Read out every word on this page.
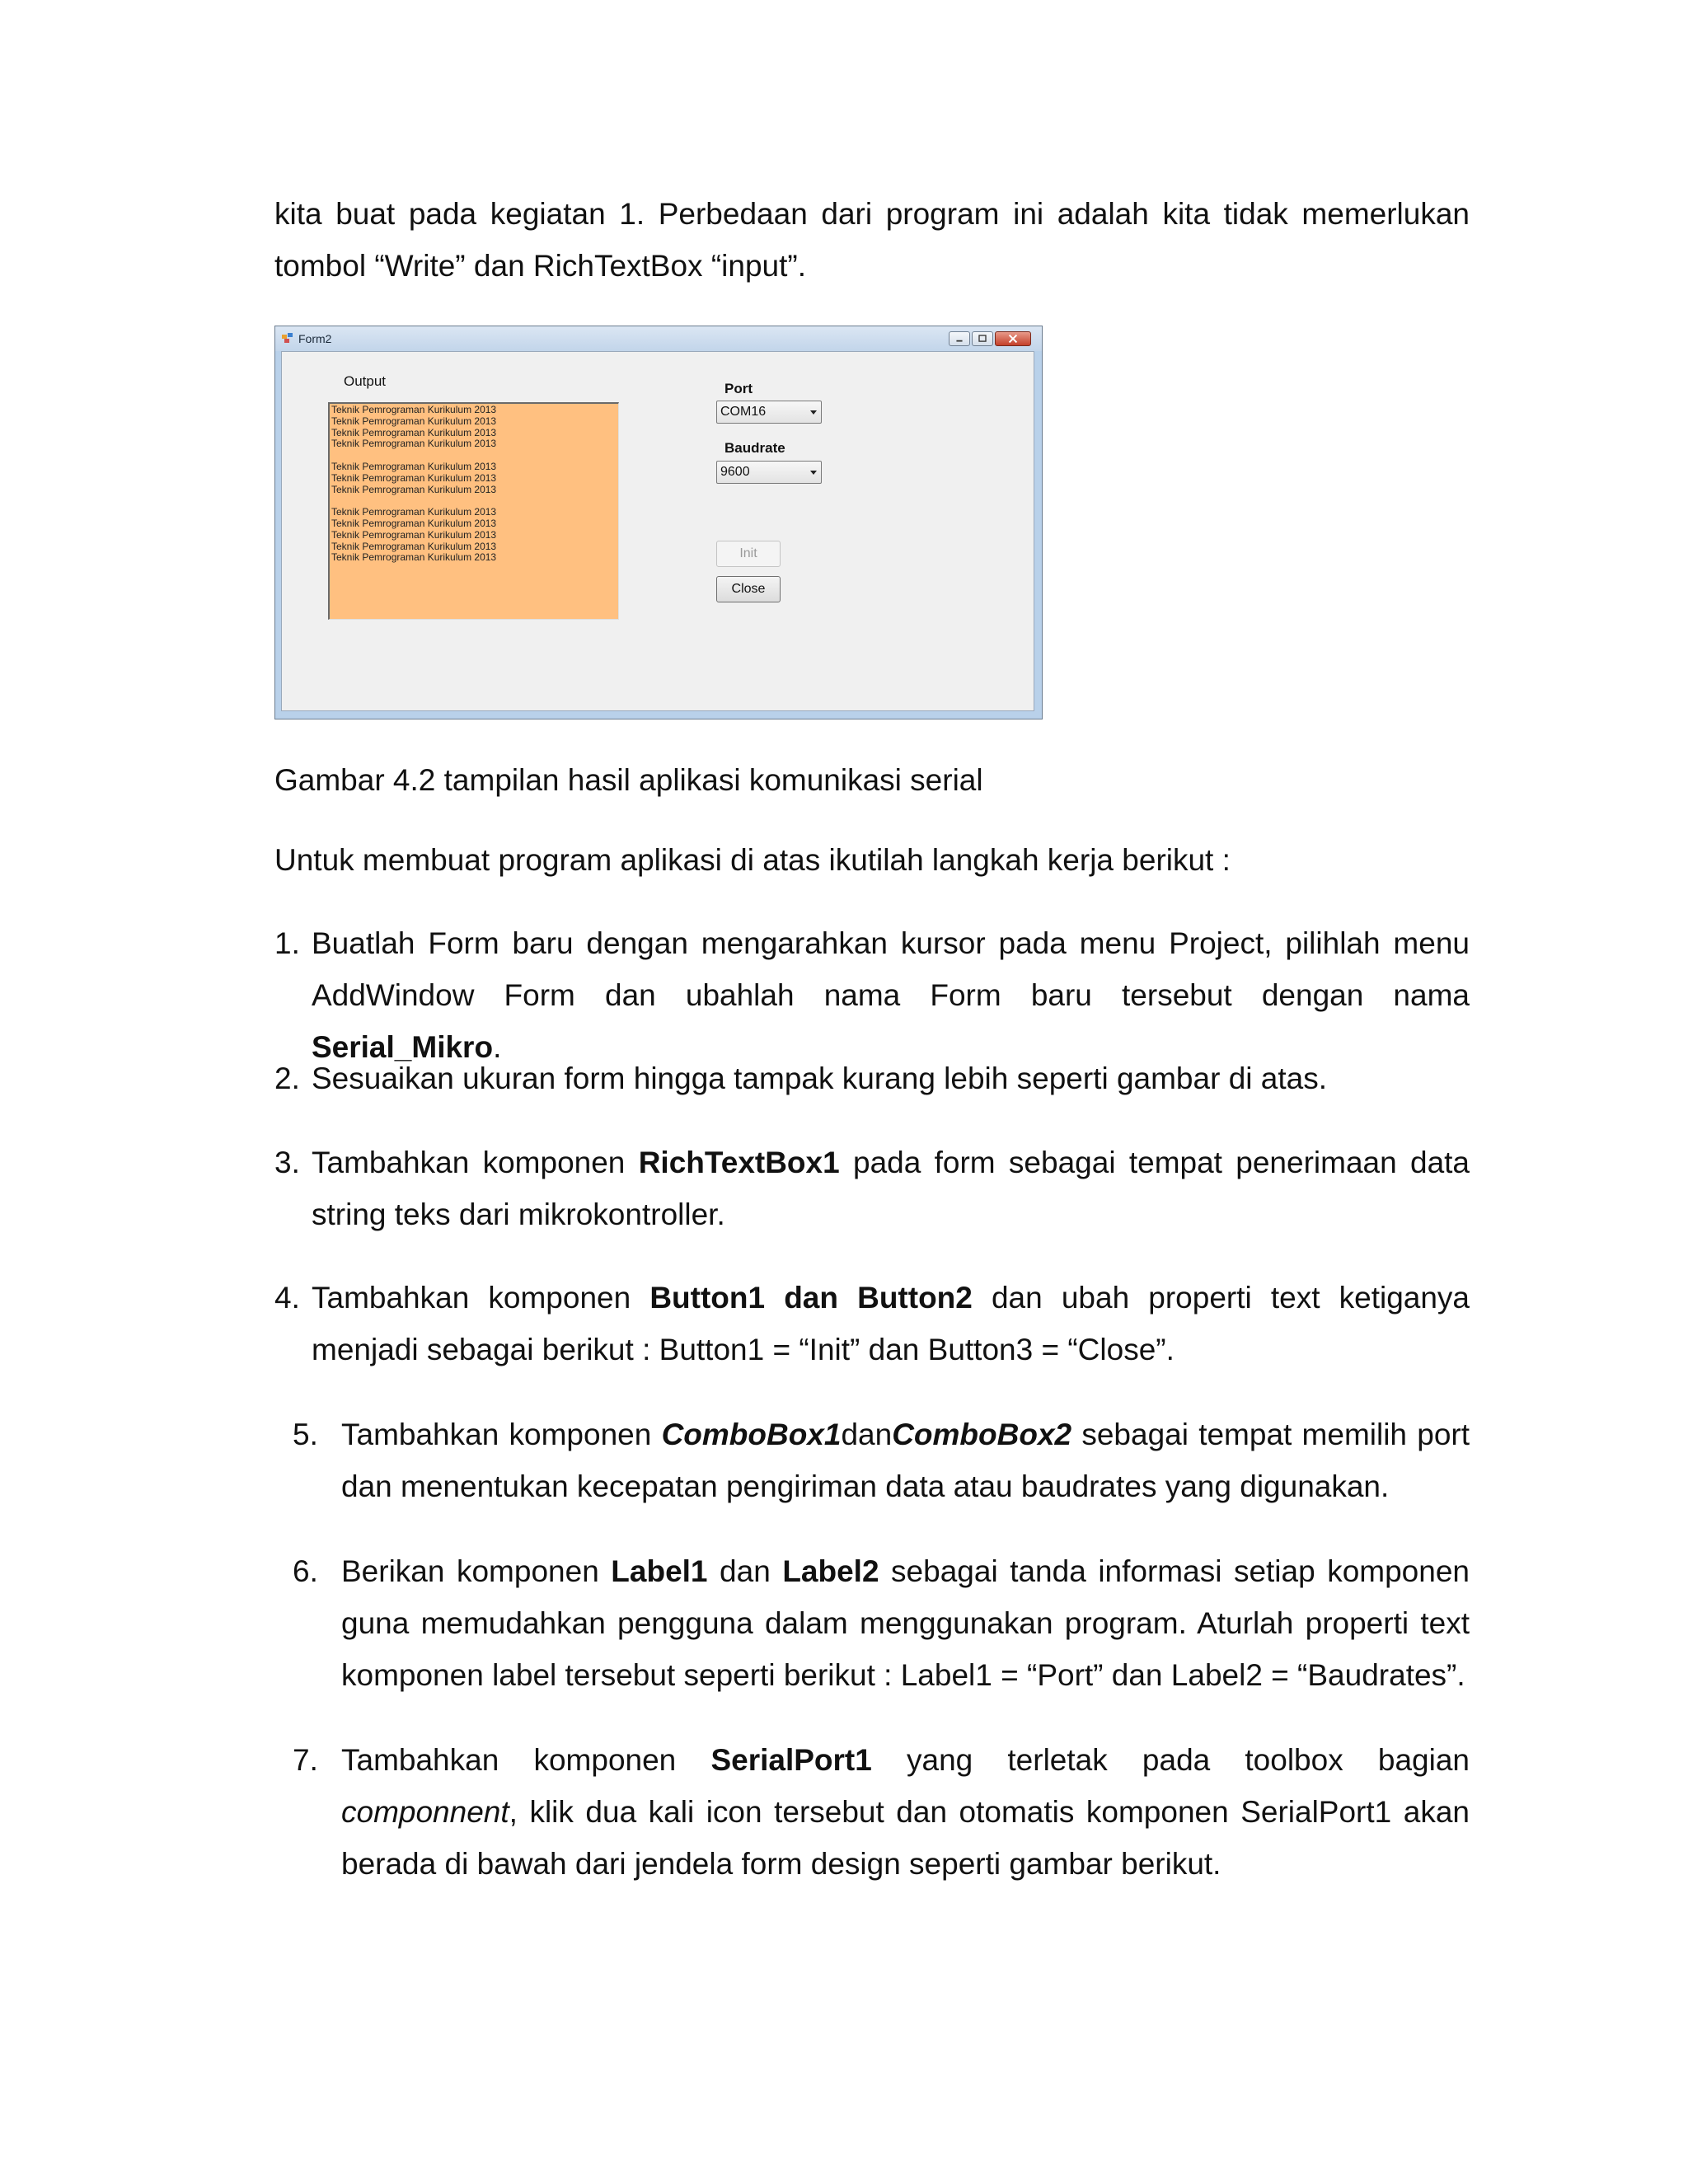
kita buat pada kegiatan 1. Perbedaan dari program ini adalah kita tidak memerlukan

tombol “Write” dan RichTextBox “input”.

Form2
Output
Teknik Pemrograman Kurikulum 2013
Teknik Pemrograman Kurikulum 2013
Teknik Pemrograman Kurikulum 2013
Teknik Pemrograman Kurikulum 2013
Teknik Pemrograman Kurikulum 2013
Teknik Pemrograman Kurikulum 2013
Teknik Pemrograman Kurikulum 2013
Teknik Pemrograman Kurikulum 2013
Teknik Pemrograman Kurikulum 2013
Teknik Pemrograman Kurikulum 2013
Teknik Pemrograman Kurikulum 2013
Teknik Pemrograman Kurikulum 2013
Port
COM16
Baudrate
9600
Init
Close

Gambar 4.2 tampilan hasil aplikasi komunikasi serial

Untuk membuat program aplikasi di atas ikutilah langkah kerja berikut :

1. Buatlah Form baru dengan mengarahkan kursor pada menu Project, pilihlah menu AddWindow Form dan ubahlah nama Form baru tersebut dengan nama Serial_Mikro.

2. Sesuaikan ukuran form hingga tampak kurang lebih seperti gambar di atas.

3. Tambahkan komponen RichTextBox1 pada form sebagai tempat penerimaan data string teks dari mikrokontroller.

4. Tambahkan komponen Button1 dan Button2 dan ubah properti text ketiganya menjadi sebagai berikut : Button1 = “Init” dan Button3 = “Close”.

5. Tambahkan komponen ComboBox1danComboBox2 sebagai tempat memilih port dan menentukan kecepatan pengiriman data atau baudrates yang digunakan.

6. Berikan komponen Label1 dan Label2 sebagai tanda informasi setiap komponen guna memudahkan pengguna dalam menggunakan program. Aturlah properti text komponen label tersebut seperti berikut : Label1 = “Port” dan Label2 = “Baudrates”.

7. Tambahkan komponen SerialPort1 yang terletak pada toolbox bagian componnent, klik dua kali icon tersebut dan otomatis komponen SerialPort1 akan berada di bawah dari jendela form design seperti gambar berikut.
